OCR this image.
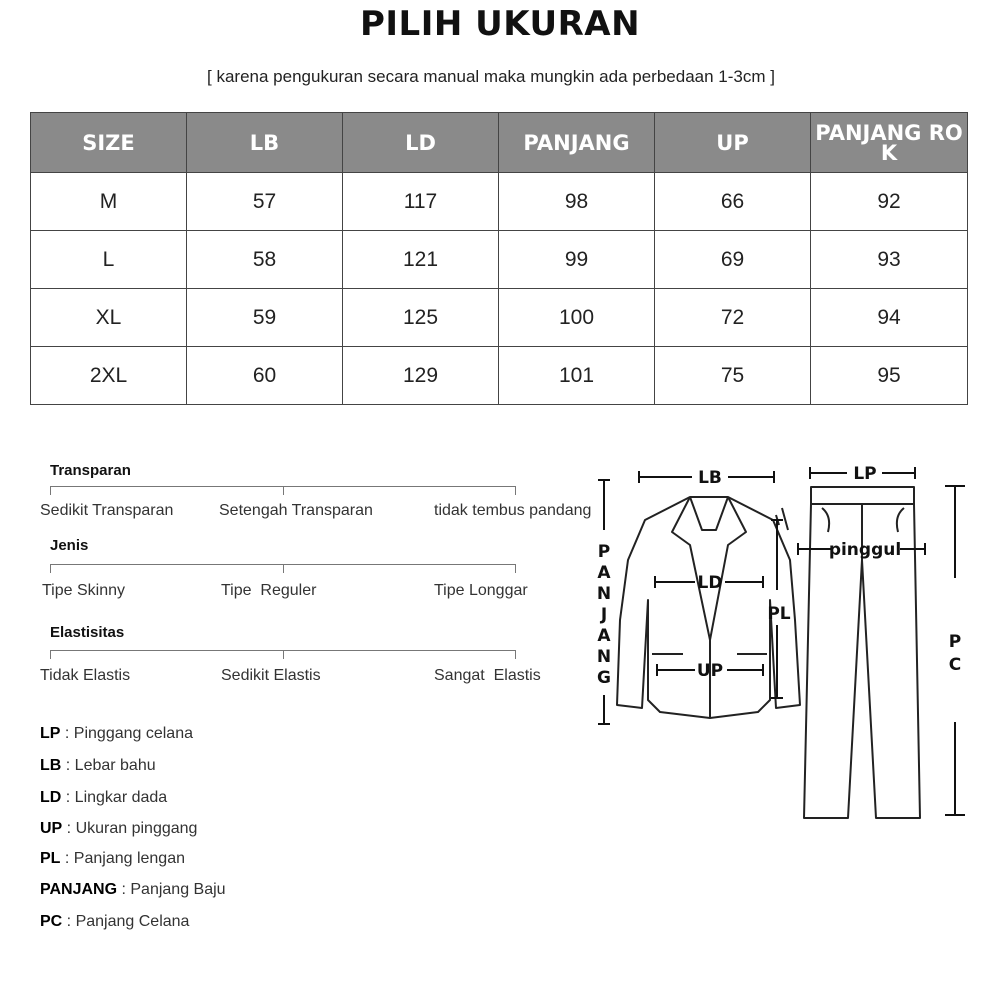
PILIH UKURAN
[ karena pengukuran secara manual maka mungkin ada perbedaan 1-3cm ]
SIZE	LB	LD	PANJANG	UP	PANJANG ROK
M	57	117	98	66	92
L	58	121	99	69	93
XL	59	125	100	72	94
2XL	60	129	101	75	95
Transparan
Sedikit Transparan	Setengah Transparan	tidak tembus pandang
Jenis
Tipe Skinny	Tipe  Reguler	Tipe Longgar
Elastisitas
Tidak Elastis	Sedikit Elastis	Sangat  Elastis
LP : Pinggang celana
LB : Lebar bahu
LD : Lingkar dada
UP : Ukuran pinggang
PL : Panjang lengan
PANJANG : Panjang Baju
PC : Panjang Celana
LB	LP
pinggul
LD
UP
PL
P
A
N
J
A
N
G
P
C
